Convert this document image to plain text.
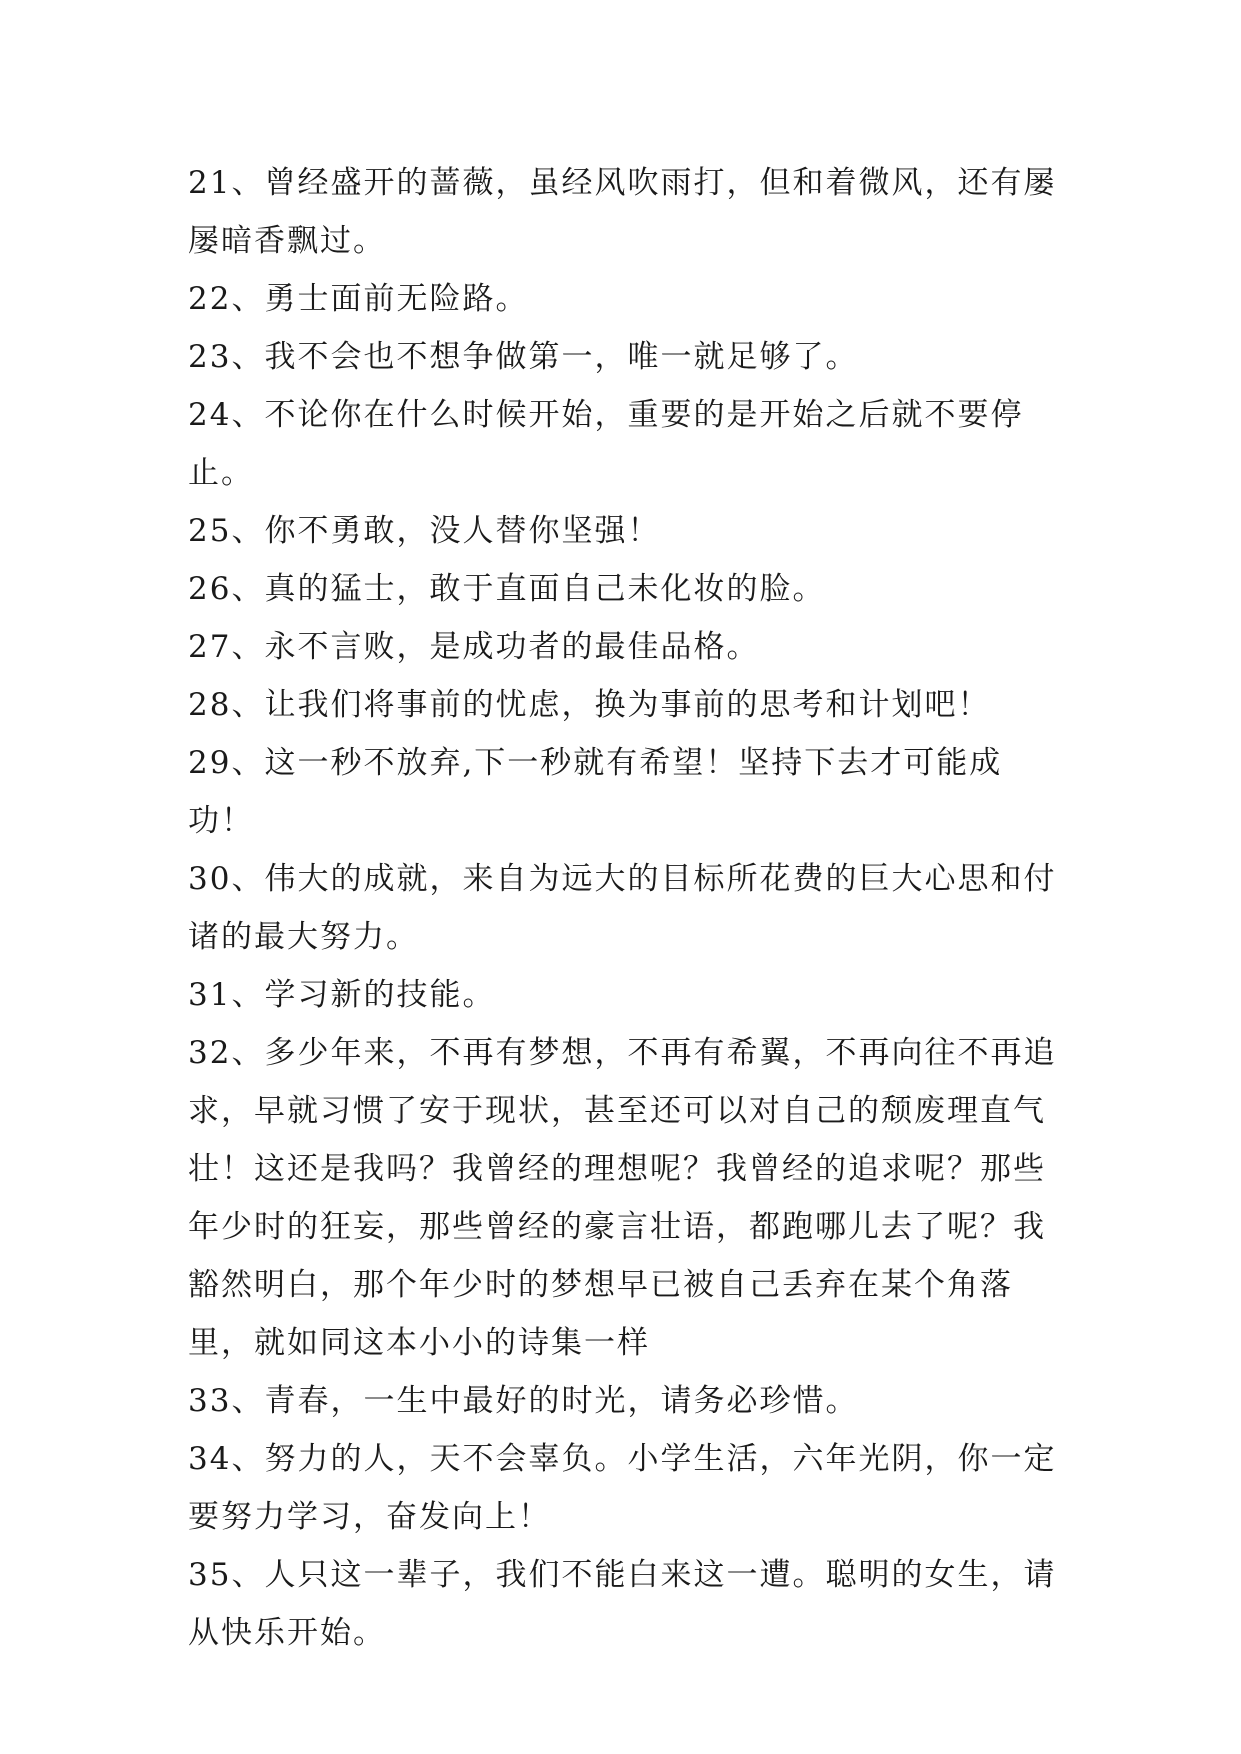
21、曾经盛开的蔷薇，虽经风吹雨打，但和着微风，还有屡屡暗香飘过。

22、勇士面前无险路。

23、我不会也不想争做第一，唯一就足够了。

24、不论你在什么时候开始，重要的是开始之后就不要停止。

25、你不勇敢，没人替你坚强！

26、真的猛士，敢于直面自己未化妆的脸。

27、永不言败，是成功者的最佳品格。

28、让我们将事前的忧虑，换为事前的思考和计划吧！

29、这一秒不放弃,下一秒就有希望！坚持下去才可能成功！

30、伟大的成就，来自为远大的目标所花费的巨大心思和付诸的最大努力。

31、学习新的技能。

32、多少年来，不再有梦想，不再有希翼，不再向往不再追求，早就习惯了安于现状，甚至还可以对自己的颓废理直气壮！这还是我吗？我曾经的理想呢？我曾经的追求呢？那些年少时的狂妄，那些曾经的豪言壮语，都跑哪儿去了呢？我豁然明白，那个年少时的梦想早已被自己丢弃在某个角落里，就如同这本小小的诗集一样

33、青春，一生中最好的时光，请务必珍惜。

34、努力的人，天不会辜负。小学生活，六年光阴，你一定要努力学习，奋发向上！

35、人只这一辈子，我们不能白来这一遭。聪明的女生，请从快乐开始。
